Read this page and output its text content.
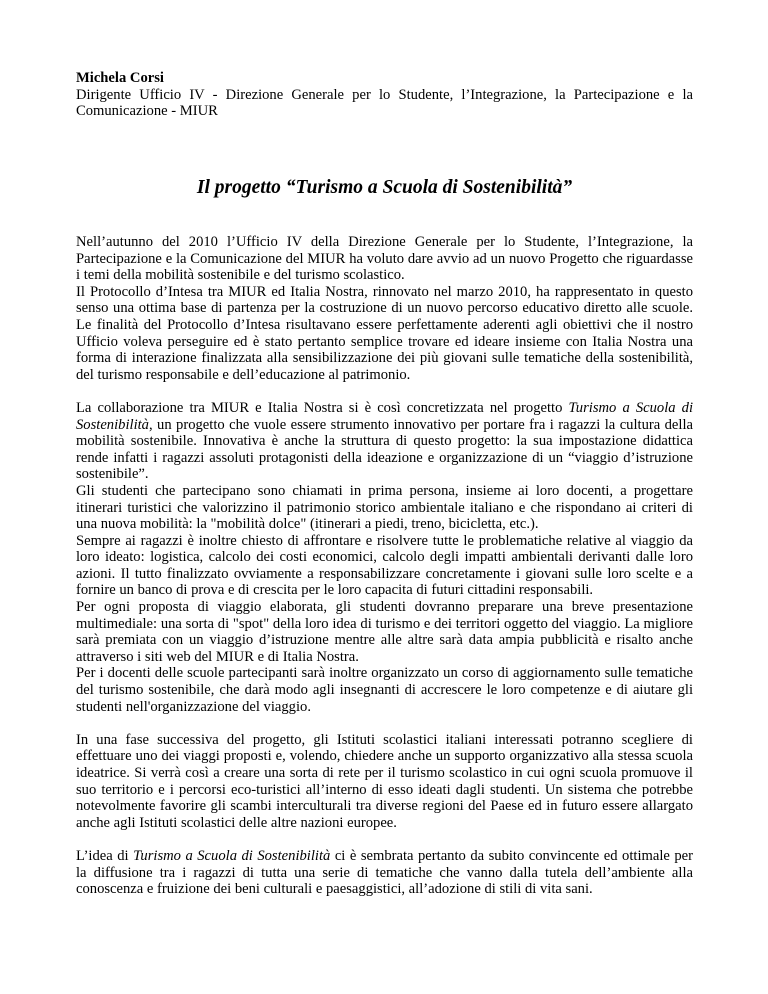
Michela Corsi

Dirigente Ufficio IV - Direzione Generale per lo Studente, l’Integrazione, la Partecipazione e la Comunicazione - MIUR

Il progetto “Turismo a Scuola di Sostenibilità”
Nell’autunno del 2010 l’Ufficio IV della Direzione Generale per lo Studente, l’Integrazione, la Partecipazione e la Comunicazione del MIUR ha voluto dare avvio ad un nuovo Progetto che riguardasse i temi della mobilità sostenibile e del turismo scolastico.
Il Protocollo d’Intesa tra MIUR ed Italia Nostra, rinnovato nel marzo 2010, ha rappresentato in questo senso una ottima base di partenza per la costruzione di un nuovo percorso educativo diretto alle scuole. Le finalità del Protocollo d’Intesa risultavano essere perfettamente aderenti agli obiettivi che il nostro Ufficio voleva perseguire ed è stato pertanto semplice trovare ed ideare insieme con Italia Nostra una forma di interazione finalizzata alla sensibilizzazione dei più giovani sulle tematiche della sostenibilità, del turismo responsabile e dell’educazione al patrimonio.
La collaborazione tra MIUR e Italia Nostra si è così concretizzata nel progetto Turismo a Scuola di Sostenibilità, un progetto che vuole essere strumento innovativo per portare fra i ragazzi la cultura della mobilità sostenibile. Innovativa è anche la struttura di questo progetto: la sua impostazione didattica rende infatti i ragazzi assoluti protagonisti della ideazione e organizzazione di un “viaggio d’istruzione sostenibile”.
Gli studenti che partecipano sono chiamati in prima persona, insieme ai loro docenti, a progettare itinerari turistici che valorizzino il patrimonio storico ambientale italiano e che rispondano ai criteri di una nuova mobilità: la "mobilità dolce" (itinerari a piedi, treno, bicicletta, etc.).
Sempre ai ragazzi è inoltre chiesto di affrontare e risolvere tutte le problematiche relative al viaggio da loro ideato: logistica, calcolo dei costi economici, calcolo degli impatti ambientali derivanti dalle loro azioni. Il tutto finalizzato ovviamente a responsabilizzare concretamente i giovani sulle loro scelte e a fornire un banco di prova e di crescita per le loro capacita di futuri cittadini responsabili.
Per ogni proposta di viaggio elaborata, gli studenti dovranno preparare una breve presentazione multimediale: una sorta di "spot" della loro idea di turismo e dei territori oggetto del viaggio. La migliore sarà premiata con un viaggio d’istruzione mentre alle altre sarà data ampia pubblicità e risalto anche attraverso i siti web del MIUR e di Italia Nostra.
Per i docenti delle scuole partecipanti sarà inoltre organizzato un corso di aggiornamento sulle tematiche del turismo sostenibile, che darà modo agli insegnanti di accrescere le loro competenze e di aiutare gli studenti nell'organizzazione del viaggio.
In una fase successiva del progetto, gli Istituti scolastici italiani interessati potranno scegliere di effettuare uno dei viaggi proposti e, volendo, chiedere anche un supporto organizzativo alla stessa scuola ideatrice. Si verrà così a creare una sorta di rete per il turismo scolastico in cui ogni scuola promuove il suo territorio e i percorsi eco-turistici all’interno di esso ideati dagli studenti. Un sistema che potrebbe notevolmente favorire gli scambi interculturali tra diverse regioni del Paese ed in futuro essere allargato anche agli Istituti scolastici delle altre nazioni europee.
L’idea di Turismo a Scuola di Sostenibilità ci è sembrata pertanto da subito convincente ed ottimale per la diffusione tra i ragazzi di tutta una serie di tematiche che vanno dalla tutela dell’ambiente alla conoscenza e fruizione dei beni culturali e paesaggistici, all’adozione di stili di vita sani.
